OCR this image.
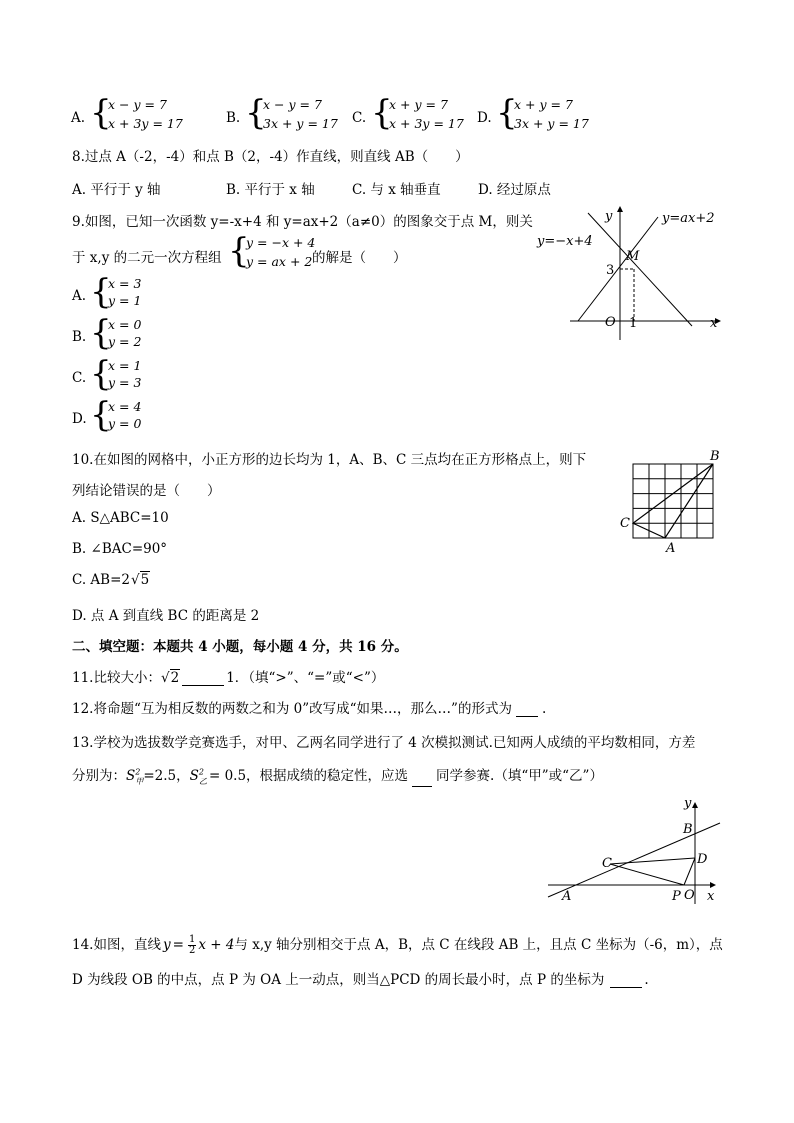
A. {
x − y = 7
x + 3y = 17	B. {
x − y = 7
3x + y = 17 C. {
x + y = 7
x + 3y = 17 D. {
x + y = 7
3x + y = 17
8.过点 A（-2，-4）和点 B（2，-4）作直线，则直线 AB（　　）
A. 平行于 y 轴	B. 平行于 x 轴	C. 与 x 轴垂直	D. 经过原点
9.如图，已知一次函数 y=-x+4 和 y=ax+2（a≠0）的图象交于点 M，则关
于 x,y 的二元一次方程组 {
y = −x + 4
y = ax + 2 的解是（　　）
A. {
x = 3
y = 1
B. {
x = 0
y = 2
C. {
x = 1
y = 3
D. {
x = 4
y = 0
y=ax+2
y=−x+4
y
x
O
M
3
1
10.在如图的网格中，小正方形的边长均为 1，A、B、C 三点均在正方形格点上，则下
列结论错误的是（　　）
A. S△ABC=10
B. ∠BAC=90°
C. AB=2√5
D. 点 A 到直线 BC 的距离是 2
B
C
A
二、填空题：本题共 4 小题，每小题 4 分，共 16 分。
11.比较大小：√2	1．（填“>”、“=”或“<”）
12.将命题“互为相反数的两数之和为 0”改写成“如果…，那么…”的形式为 .
13.学校为选拔数学竞赛选手，对甲、乙两名同学进行了 4 次模拟测试.已知两人成绩的平均数相同，方差
分别为：$S^2_甲=2.5$，$S^2_乙 = 0.5$，根据成绩的稳定性，应选 同学参赛.（填“甲”或“乙”）
y
x
B
C	D
A	P O
14.如图，直线 $y = \frac{1}{2}$ x + 4与 x,y 轴分别相交于点 A，B，点 C 在线段 AB 上，且点 C 坐标为（-6，m），点
D 为线段 OB 的中点，点 P 为 OA 上一动点，则当△PCD 的周长最小时，点 P 的坐标为	.
